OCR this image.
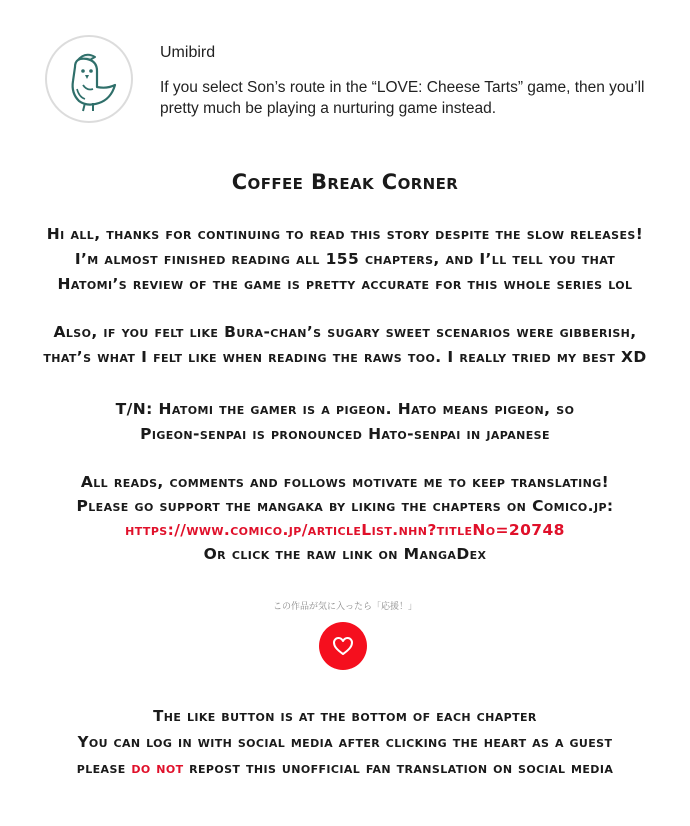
Umibird
If you select Son’s route in the “LOVE: Cheese Tarts” game, then you’ll pretty much be playing a nurturing game instead.
Coffee Break Corner
Hi all, thanks for continuing to read this story despite the slow releases!
I’m almost finished reading all 155 chapters, and I’ll tell you that
Hatomi’s review of the game is pretty accurate for this whole series lol
Also, if you felt like Bura-chan’s sugary sweet scenarios were gibberish,
that’s what I felt like when reading the raws too. I really tried my best XD
T/N: Hatomi the gamer is a pigeon. Hato means pigeon, so
Pigeon-senpai is pronounced Hato-senpai in japanese
All reads, comments and follows motivate me to keep translating!
Please go support the mangaka by liking the chapters on Comico.jp:
https://www.comico.jp/articleList.nhn?titleNo=20748
Or click the raw link on MangaDex
この作品が気に入ったら「応援！」
The like button is at the bottom of each chapter
You can log in with social media after clicking the heart as a guest
please do not repost this unofficial fan translation on social media
